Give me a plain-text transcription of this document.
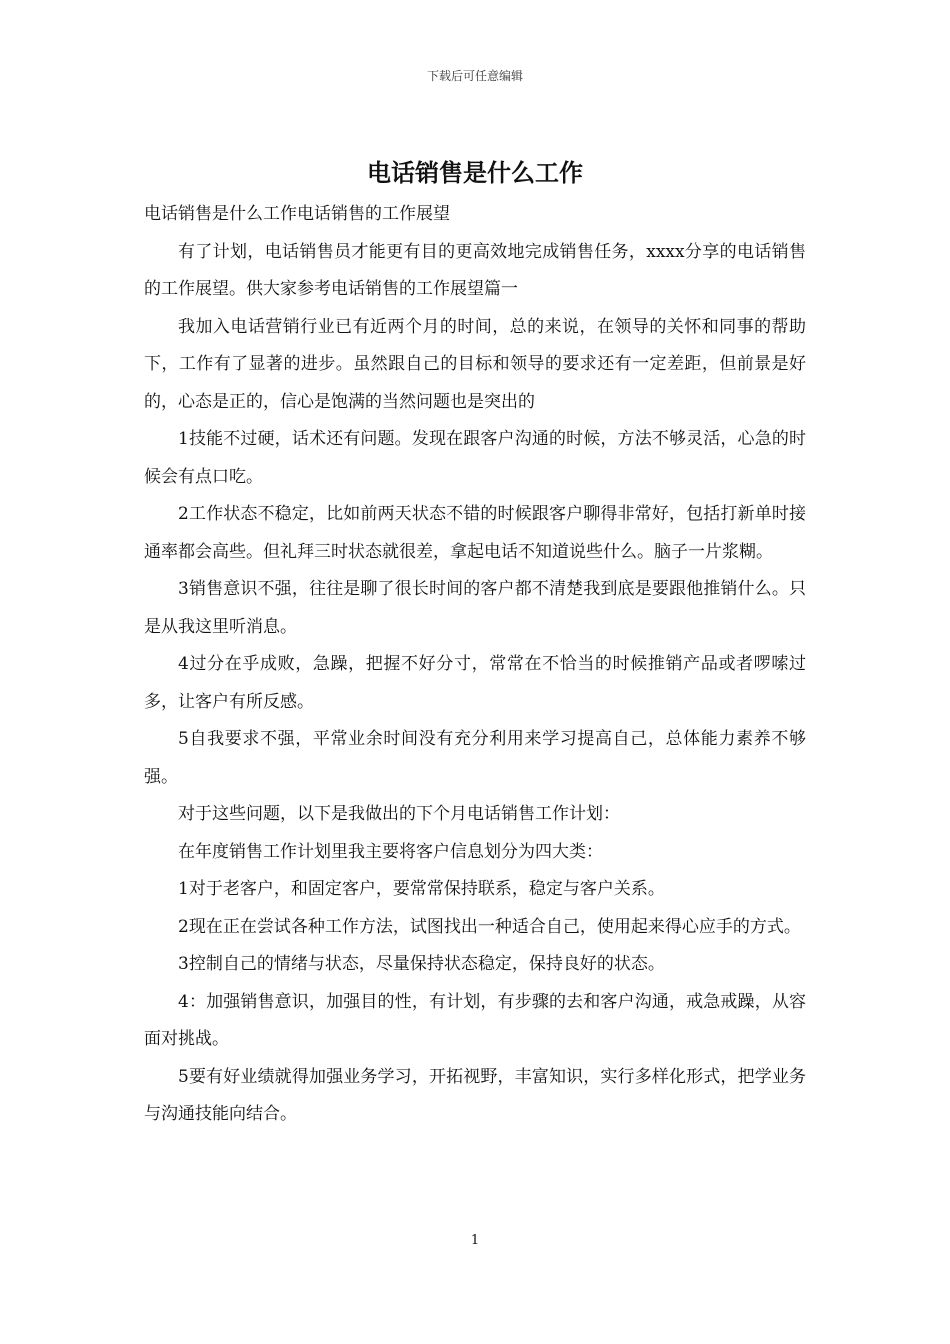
下载后可任意编辑
电话销售是什么工作

电话销售是什么工作电话销售的工作展望

有了计划，电话销售员才能更有目的更高效地完成销售任务，xxxx分享的电话销售的工作展望。供大家参考电话销售的工作展望篇一

我加入电话营销行业已有近两个月的时间，总的来说，在领导的关怀和同事的帮助下，工作有了显著的进步。虽然跟自己的目标和领导的要求还有一定差距，但前景是好的，心态是正的，信心是饱满的当然问题也是突出的

1技能不过硬，话术还有问题。发现在跟客户沟通的时候，方法不够灵活，心急的时候会有点口吃。

2工作状态不稳定，比如前两天状态不错的时候跟客户聊得非常好，包括打新单时接通率都会高些。但礼拜三时状态就很差，拿起电话不知道说些什么。脑子一片浆糊。

3销售意识不强，往往是聊了很长时间的客户都不清楚我到底是要跟他推销什么。只是从我这里听消息。

4过分在乎成败，急躁，把握不好分寸，常常在不恰当的时候推销产品或者啰嗦过多，让客户有所反感。

5自我要求不强，平常业余时间没有充分利用来学习提高自己，总体能力素养不够强。

对于这些问题，以下是我做出的下个月电话销售工作计划：

在年度销售工作计划里我主要将客户信息划分为四大类：

1对于老客户，和固定客户，要常常保持联系，稳定与客户关系。

2现在正在尝试各种工作方法，试图找出一种适合自己，使用起来得心应手的方式。

3控制自己的情绪与状态，尽量保持状态稳定，保持良好的状态。

4：加强销售意识，加强目的性，有计划，有步骤的去和客户沟通，戒急戒躁，从容面对挑战。

5要有好业绩就得加强业务学习，开拓视野，丰富知识，实行多样化形式，把学业务与沟通技能向结合。

1
